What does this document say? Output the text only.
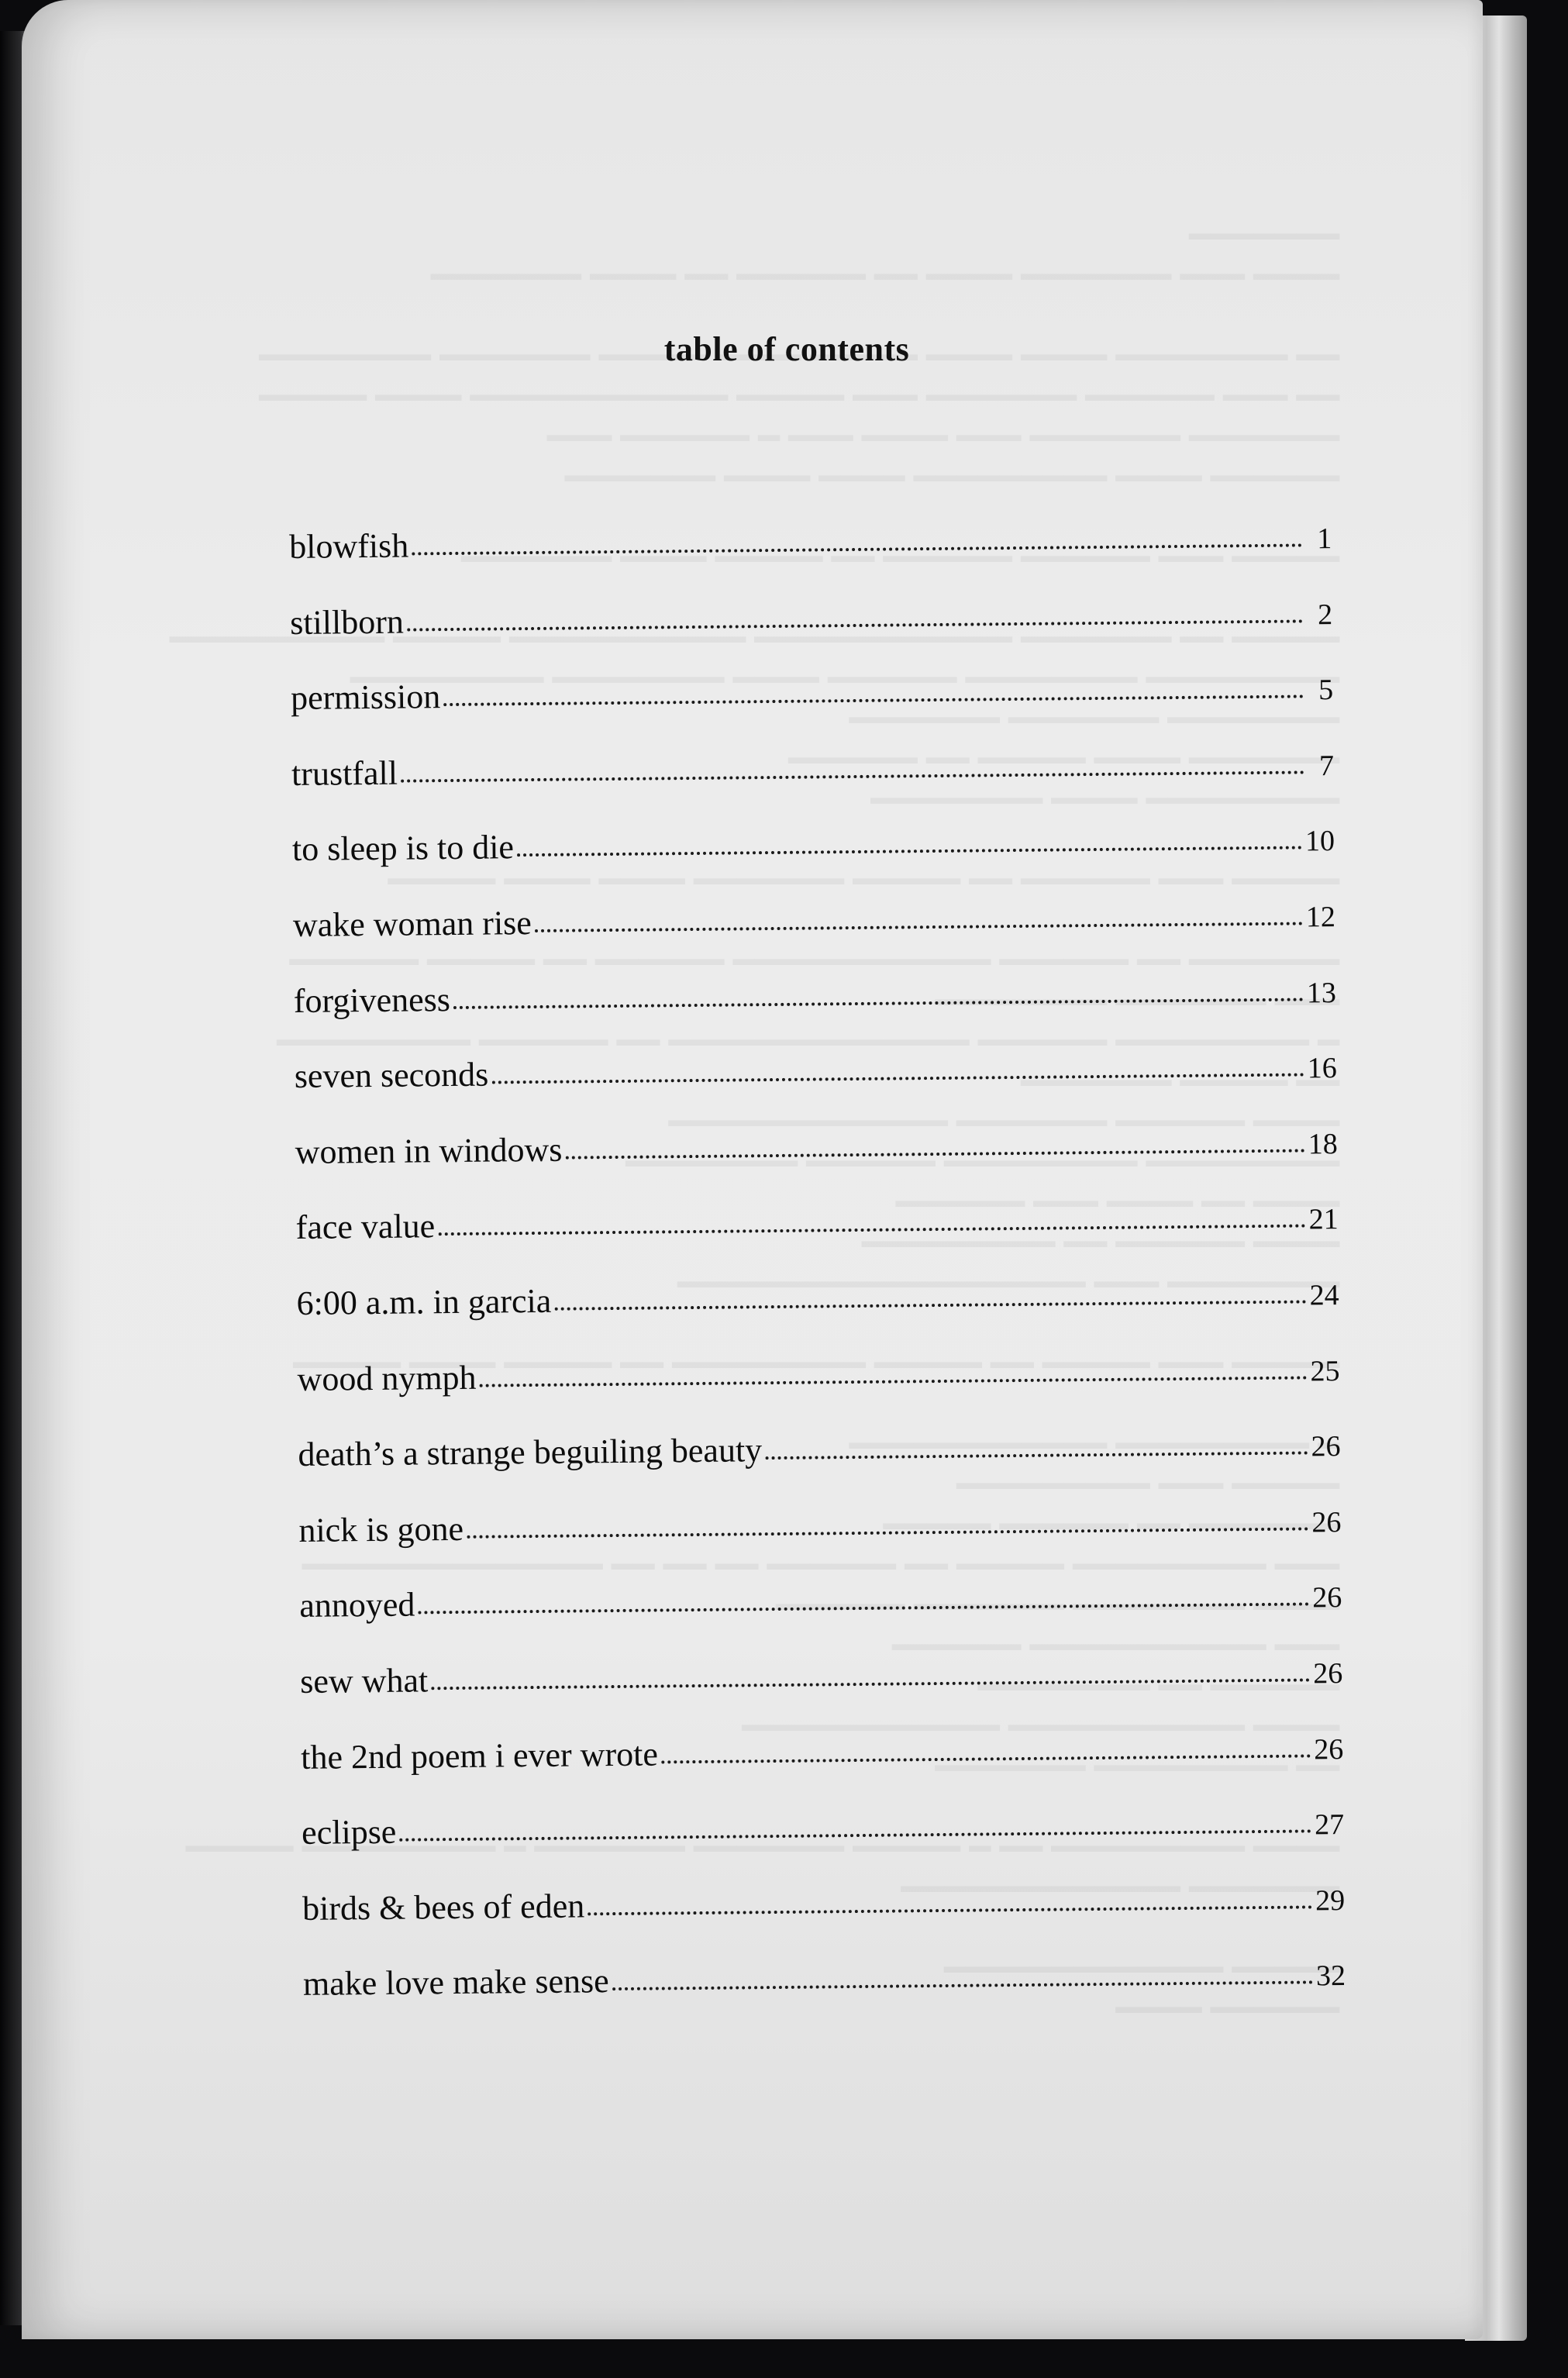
table of contents
blowfish	1
stillborn	2
permission	5
trustfall	7
to sleep is to die	10
wake woman rise	12
forgiveness	13
seven seconds	16
women in windows	18
face value	21
6:00 a.m. in garcia	24
wood nymph	25
death’s a strange beguiling beauty	26
nick is gone	26
annoyed	26
sew what	26
the 2nd poem i ever wrote	26
eclipse	27
birds & bees of eden	29
make love make sense	32
